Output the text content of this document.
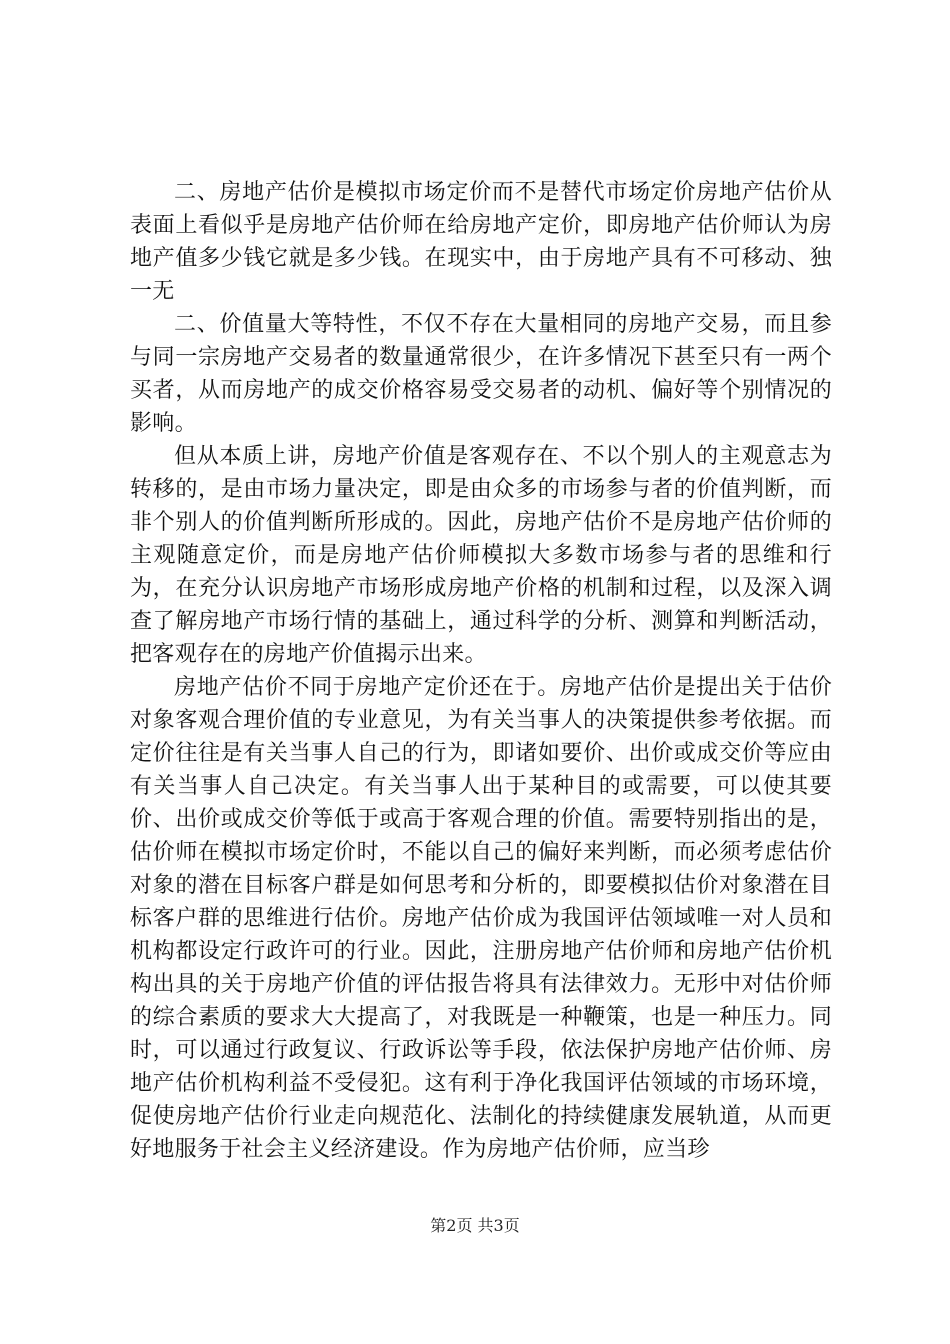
二、房地产估价是模拟市场定价而不是替代市场定价房地产估价从表面上看似乎是房地产估价师在给房地产定价，即房地产估价师认为房地产值多少钱它就是多少钱。在现实中，由于房地产具有不可移动、独一无

二、价值量大等特性，不仅不存在大量相同的房地产交易，而且参与同一宗房地产交易者的数量通常很少，在许多情况下甚至只有一两个买者，从而房地产的成交价格容易受交易者的动机、偏好等个别情况的影响。

但从本质上讲，房地产价值是客观存在、不以个别人的主观意志为转移的，是由市场力量决定，即是由众多的市场参与者的价值判断，而非个别人的价值判断所形成的。因此，房地产估价不是房地产估价师的主观随意定价，而是房地产估价师模拟大多数市场参与者的思维和行为，在充分认识房地产市场形成房地产价格的机制和过程，以及深入调查了解房地产市场行情的基础上，通过科学的分析、测算和判断活动，把客观存在的房地产价值揭示出来。

房地产估价不同于房地产定价还在于。房地产估价是提出关于估价对象客观合理价值的专业意见，为有关当事人的决策提供参考依据。而定价往往是有关当事人自己的行为，即诸如要价、出价或成交价等应由有关当事人自己决定。有关当事人出于某种目的或需要，可以使其要价、出价或成交价等低于或高于客观合理的价值。需要特别指出的是，估价师在模拟市场定价时，不能以自己的偏好来判断，而必须考虑估价对象的潜在目标客户群是如何思考和分析的，即要模拟估价对象潜在目标客户群的思维进行估价。房地产估价成为我国评估领域唯一对人员和机构都设定行政许可的行业。因此，注册房地产估价师和房地产估价机构出具的关于房地产价值的评估报告将具有法律效力。无形中对估价师的综合素质的要求大大提高了，对我既是一种鞭策，也是一种压力。同时，可以通过行政复议、行政诉讼等手段，依法保护房地产估价师、房地产估价机构利益不受侵犯。这有利于净化我国评估领域的市场环境，促使房地产估价行业走向规范化、法制化的持续健康发展轨道，从而更好地服务于社会主义经济建设。作为房地产估价师，应当珍

第2页 共3页
